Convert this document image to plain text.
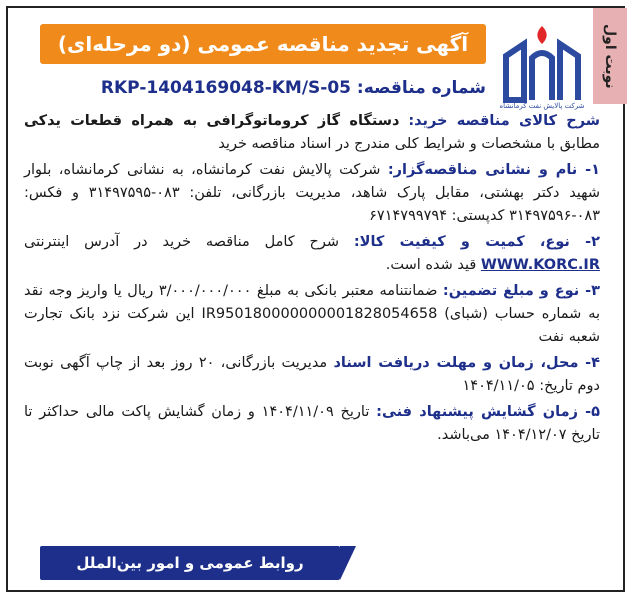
نوبت اول
شرکت پالایش نفت کرمانشاه
آگهی تجدید مناقصه عمومی (دو مرحله‌ای)
شماره مناقصه: RKP-1404169048-KM/S-05

شرح کالای مناقصه خرید: دستگاه گاز کروماتوگرافی به همراه قطعات یدکی مطابق با مشخصات و شرایط کلی مندرج در اسناد مناقصه خرید

۱- نام و نشانی مناقصه‌گزار: شرکت پالایش نفت کرمانشاه، به نشانی کرمانشاه، بلوار شهید دکتر بهشتی، مقابل پارک شاهد، مدیریت بازرگانی، تلفن: ۰۸۳-۳۱۴۹۷۵۹۵ و فکس: ۰۸۳-۳۱۴۹۷۵۹۶ کدپستی: ۶۷۱۴۷۹۹۷۹۴

۲- نوع، کمیت و کیفیت کالا: شرح کامل مناقصه خرید در آدرس اینترنتی WWW.KORC.IR قید شده است.

۳- نوع و مبلغ تضمین: ضمانتنامه معتبر بانکی به مبلغ ۳/۰۰۰/۰۰۰/۰۰۰ ریال یا واریز وجه نقد به شماره حساب (شبای) IR950180000000001828054658 این شرکت نزد بانک تجارت شعبه نفت

۴- محل، زمان و مهلت دریافت اسناد مدیریت بازرگانی، ۲۰ روز بعد از چاپ آگهی نوبت دوم تاریخ: ۱۴۰۴/۱۱/۰۵

۵- زمان گشایش پیشنهاد فنی: تاریخ ۱۴۰۴/۱۱/۰۹ و زمان گشایش پاکت مالی حداکثر تا تاریخ ۱۴۰۴/۱۲/۰۷ می‌باشد.

روابط عمومی و امور بین‌الملل
